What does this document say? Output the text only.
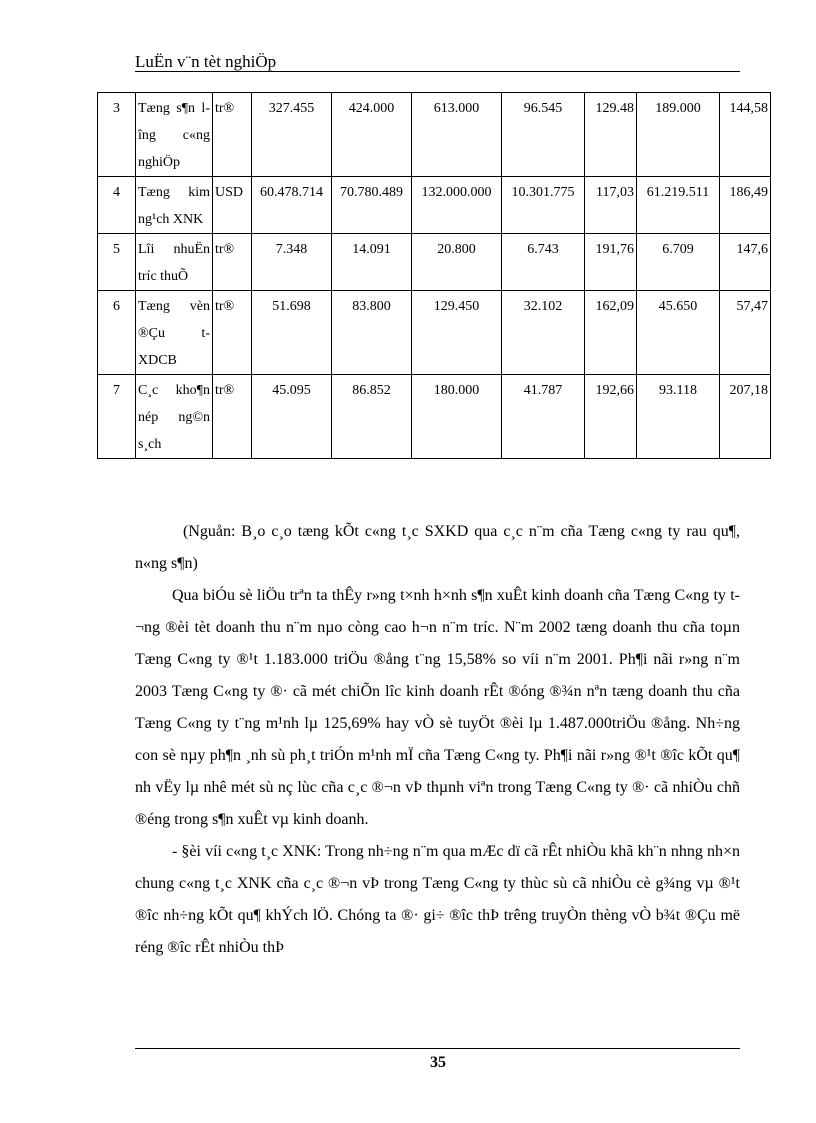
LuËn v¨n tèt nghiÖp
3	Tæng s¶n lîng c«ng nghiÖp	tr®	327.455	424.000	613.000	96.545	129.48	189.000	144,58
4	Tæng kim ng¹ch XNK	USD	60.478.714	70.780.489	132.000.000	10.301.775	117,03	61.219.511	186,49
5	Lîi nhuËn tríc thuÕ	tr®	7.348	14.091	20.800	6.743	191,76	6.709	147,6
6	Tæng vèn ®Çu t XDCB	tr®	51.698	83.800	129.450	32.102	162,09	45.650	57,47
7	C¸c kho¶n nép ng©n s¸ch	tr®	45.095	86.852	180.000	41.787	192,66	93.118	207,18

(Nguån: B¸o c¸o tæng kÕt c«ng t¸c SXKD qua c¸c n¨m cña Tæng c«ng ty rau qu¶, n«ng s¶n)

Qua biÓu sè liÖu trªn ta thÊy r»ng t×nh h×nh s¶n xuÊt kinh doanh cña Tæng C«ng ty t¬ng ®èi tèt doanh thu n¨m nµo còng cao h¬n n¨m tríc. N¨m 2002 tæng doanh thu cña toµn Tæng C«ng ty ®¹t 1.183.000 triÖu ®ång t¨ng 15,58% so víi n¨m 2001. Ph¶i nãi r»ng n¨m 2003 Tæng C«ng ty ®· cã mét chiÕn lîc kinh doanh rÊt ®óng ®¾n nªn tæng doanh thu cña Tæng C«ng ty t¨ng m¹nh lµ 125,69% hay vÒ sè tuyÖt ®èi lµ 1.487.000triÖu ®ång. Nh÷ng con sè nµy ph¶n ¸nh sù ph¸t triÓn m¹nh mÏ cña Tæng C«ng ty. Ph¶i nãi r»ng ®¹t ®îc kÕt qu¶ nh vËy lµ nhê mét sù nç lùc cña c¸c ®¬n vÞ thµnh viªn trong Tæng C«ng ty ®· cã nhiÒu chñ ®éng trong s¶n xuÊt vµ kinh doanh.

- §èi víi c«ng t¸c XNK: Trong nh÷ng n¨m qua mÆc dï cã rÊt nhiÒu khã kh¨n nhng nh×n chung c«ng t¸c XNK cña c¸c ®¬n vÞ trong Tæng C«ng ty thùc sù cã nhiÒu cè g¾ng vµ ®¹t ®îc nh÷ng kÕt qu¶ khÝch lÖ. Chóng ta ®· gi÷ ®îc thÞ trêng truyÒn thèng vÒ b¾t ®Çu më réng ®îc rÊt nhiÒu thÞ

35
